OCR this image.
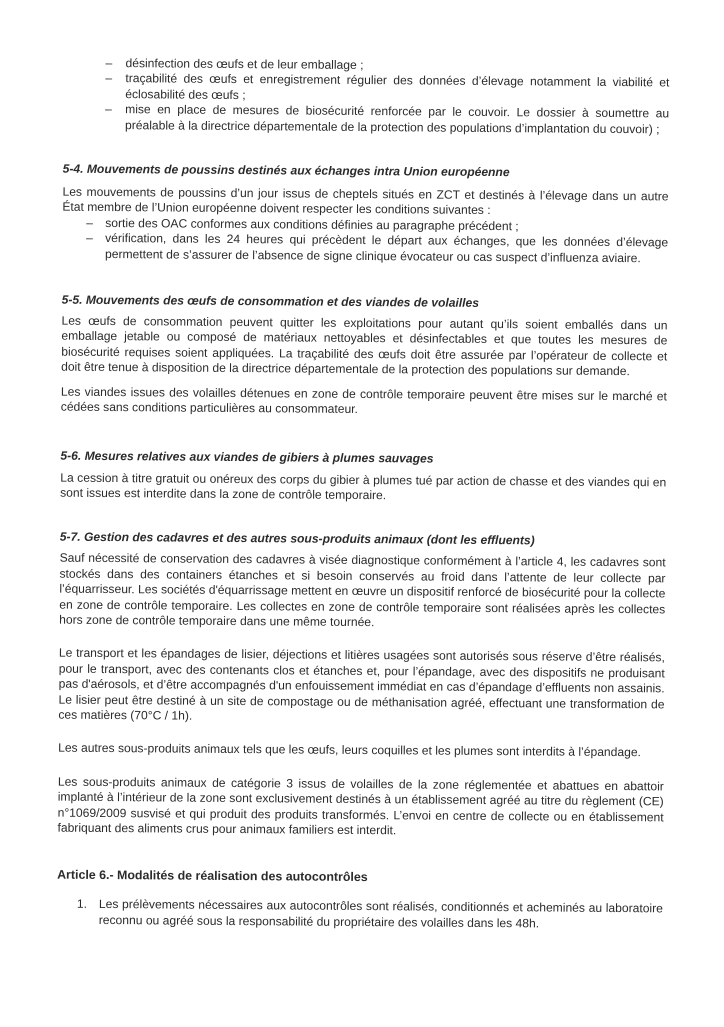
– désinfection des œufs et de leur emballage ;
– traçabilité des œufs et enregistrement régulier des données d’élevage notamment la viabilité et éclosabilité des œufs ;
– mise en place de mesures de biosécurité renforcée par le couvoir. Le dossier à soumettre au préalable à la directrice départementale de la protection des populations d’implantation du couvoir) ;

5-4. Mouvements de poussins destinés aux échanges intra Union européenne

Les mouvements de poussins d’un jour issus de cheptels situés en ZCT et destinés à l’élevage dans un autre État membre de l’Union européenne doivent respecter les conditions suivantes :

– sortie des OAC conformes aux conditions définies au paragraphe précédent ;
– vérification, dans les 24 heures qui précèdent le départ aux échanges, que les données d’élevage permettent de s’assurer de l’absence de signe clinique évocateur ou cas suspect d’influenza aviaire.

5-5. Mouvements des œufs de consommation et des viandes de volailles

Les œufs de consommation peuvent quitter les exploitations pour autant qu’ils soient emballés dans un emballage jetable ou composé de matériaux nettoyables et désinfectables et que toutes les mesures de biosécurité requises soient appliquées. La traçabilité des œufs doit être assurée par l’opérateur de collecte et doit être tenue à disposition de la directrice départementale de la protection des populations sur demande.

Les viandes issues des volailles détenues en zone de contrôle temporaire peuvent être mises sur le marché et cédées sans conditions particulières au consommateur.

5-6. Mesures relatives aux viandes de gibiers à plumes sauvages

La cession à titre gratuit ou onéreux des corps du gibier à plumes tué par action de chasse et des viandes qui en sont issues est interdite dans la zone de contrôle temporaire.

5-7. Gestion des cadavres et des autres sous-produits animaux (dont les effluents)

Sauf nécessité de conservation des cadavres à visée diagnostique conformément à l’article 4, les cadavres sont stockés dans des containers étanches et si besoin conservés au froid dans l’attente de leur collecte par l’équarrisseur. Les sociétés d'équarrissage mettent en œuvre un dispositif renforcé de biosécurité pour la collecte en zone de contrôle temporaire. Les collectes en zone de contrôle temporaire sont réalisées après les collectes hors zone de contrôle temporaire dans une même tournée.

Le transport et les épandages de lisier, déjections et litières usagées sont autorisés sous réserve d’être réalisés, pour le transport, avec des contenants clos et étanches et, pour l’épandage, avec des dispositifs ne produisant pas d'aérosols, et d’être accompagnés d'un enfouissement immédiat en cas d’épandage d’effluents non assainis. Le lisier peut être destiné à un site de compostage ou de méthanisation agréé, effectuant une transformation de ces matières (70°C / 1h).

Les autres sous-produits animaux tels que les œufs, leurs coquilles et les plumes sont interdits à l’épandage.

Les sous-produits animaux de catégorie 3 issus de volailles de la zone réglementée et abattues en abattoir implanté à l’intérieur de la zone sont exclusivement destinés à un établissement agréé au titre du règlement (CE) n°1069/2009 susvisé et qui produit des produits transformés. L’envoi en centre de collecte ou en établissement fabriquant des aliments crus pour animaux familiers est interdit.

Article 6.- Modalités de réalisation des autocontrôles

1. Les prélèvements nécessaires aux autocontrôles sont réalisés, conditionnés et acheminés au laboratoire reconnu ou agréé sous la responsabilité du propriétaire des volailles dans les 48h.
